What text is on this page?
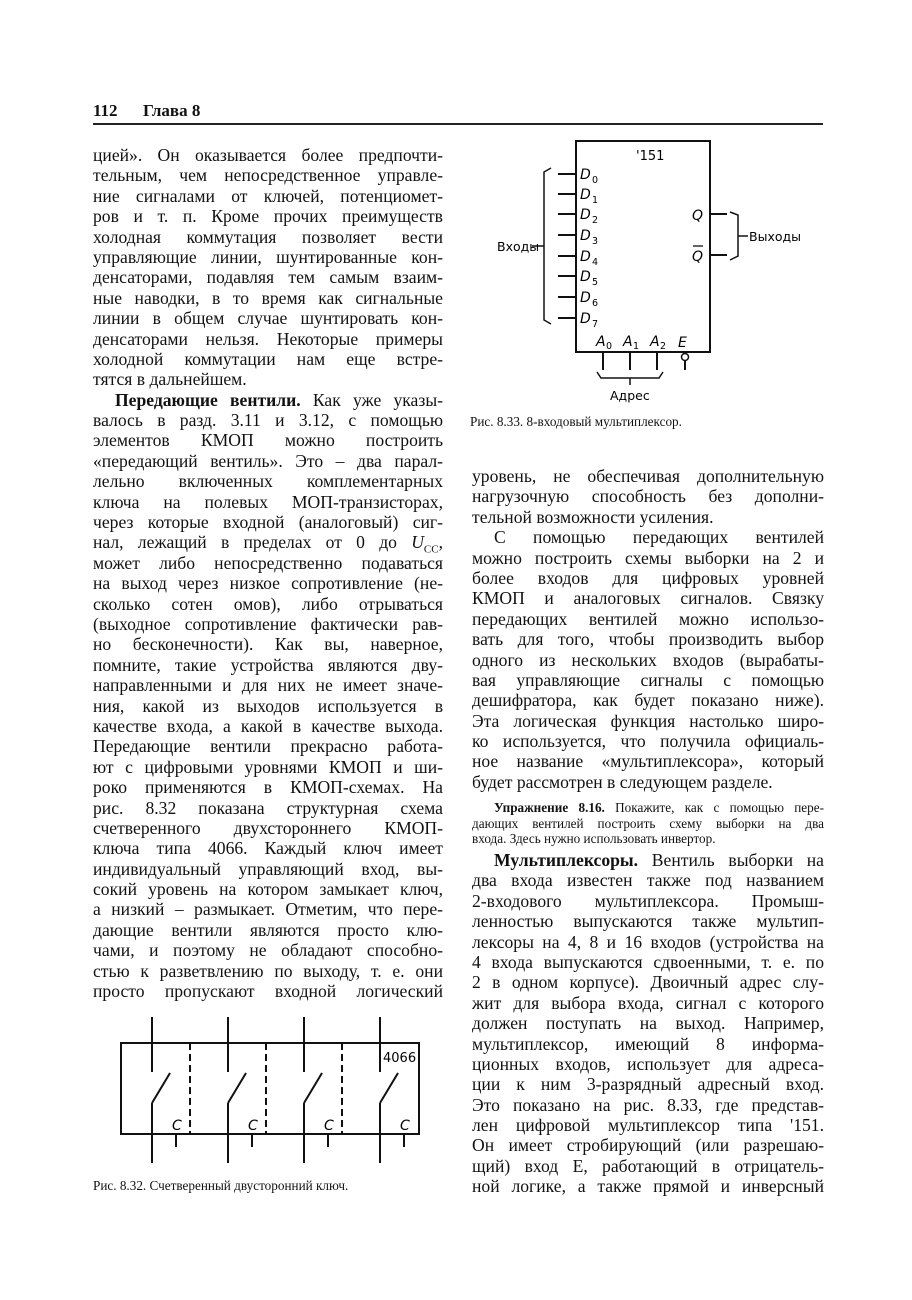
112 Глава 8
цией». Он оказывается более предпочти-
тельным, чем непосредственное управле-
ние сигналами от ключей, потенциомет-
ров и т. п. Кроме прочих преимуществ
холодная коммутация позволяет вести
управляющие линии, шунтированные кон-
денсаторами, подавляя тем самым взаим-
ные наводки, в то время как сигнальные
линии в общем случае шунтировать кон-
денсаторами нельзя. Некоторые примеры
холодной коммутации нам еще встре-
тятся в дальнейшем.
Передающие вентили. Как уже указы-
валось в разд. 3.11 и 3.12, с помощью
элементов КМОП можно построить
«передающий вентиль». Это – два парал-
лельно включенных комплементарных
ключа на полевых МОП-транзисторах,
через которые входной (аналоговый) сиг-
нал, лежащий в пределах от 0 до $U_{CC}$,
может либо непосредственно подаваться
на выход через низкое сопротивление (не-
сколько сотен омов), либо отрываться
(выходное сопротивление фактически рав-
но бесконечности). Как вы, наверное,
помните, такие устройства являются дву-
направленными и для них не имеет значе-
ния, какой из выходов используется в
качестве входа, а какой в качестве выхода.
Передающие вентили прекрасно работа-
ют с цифровыми уровнями КМОП и ши-
роко применяются в КМОП-схемах. На
рис. 8.32 показана структурная схема
счетверенного двухстороннего КМОП-
ключа типа 4066. Каждый ключ имеет
индивидуальный управляющий вход, вы-
сокий уровень на котором замыкает ключ,
а низкий – размыкает. Отметим, что пере-
дающие вентили являются просто клю-
чами, и поэтому не обладают способно-
стью к разветвлению по выходу, т. е. они
просто пропускают входной логический
уровень, не обеспечивая дополнительную
нагрузочную способность без дополни-
тельной возможности усиления.
С помощью передающих вентилей
можно построить схемы выборки на 2 и
более входов для цифровых уровней
КМОП и аналоговых сигналов. Связку
передающих вентилей можно использо-
вать для того, чтобы производить выбор
одного из нескольких входов (вырабаты-
вая управляющие сигналы с помощью
дешифратора, как будет показано ниже).
Эта логическая функция настолько широ-
ко используется, что получила официаль-
ное название «мультиплексора», который
будет рассмотрен в следующем разделе.
Упражнение 8.16. Покажите, как с помощью пере-
дающих вентилей построить схему выборки на два
входа. Здесь нужно использовать инвертор.
Мультиплексоры. Вентиль выборки на
два входа известен также под названием
2-входового мультиплексора. Промыш-
ленностью выпускаются также мультип-
лексоры на 4, 8 и 16 входов (устройства на
4 входа выпускаются сдвоенными, т. е. по
2 в одном корпусе). Двоичный адрес слу-
жит для выбора входа, сигнал с которого
должен поступать на выход. Например,
мультиплексор, имеющий 8 информа-
ционных входов, использует для адреса-
ции к ним 3-разрядный адресный вход.
Это показано на рис. 8.33, где представ-
лен цифровой мультиплексор типа '151.
Он имеет стробирующий (или разрешаю-
щий) вход E, работающий в отрицатель-
ной логике, а также прямой и инверсный
'151
D 0
D 1
D 2
D 3
D 4
D 5
D 6
D 7
Входы
Q
Q
Выходы
A 0 A 1 A 2 E
Адрес
C	C	C	C
4066
Рис. 8.33. 8-входовый мультиплексор.
Рис. 8.32. Счетверенный двусторонний ключ.
